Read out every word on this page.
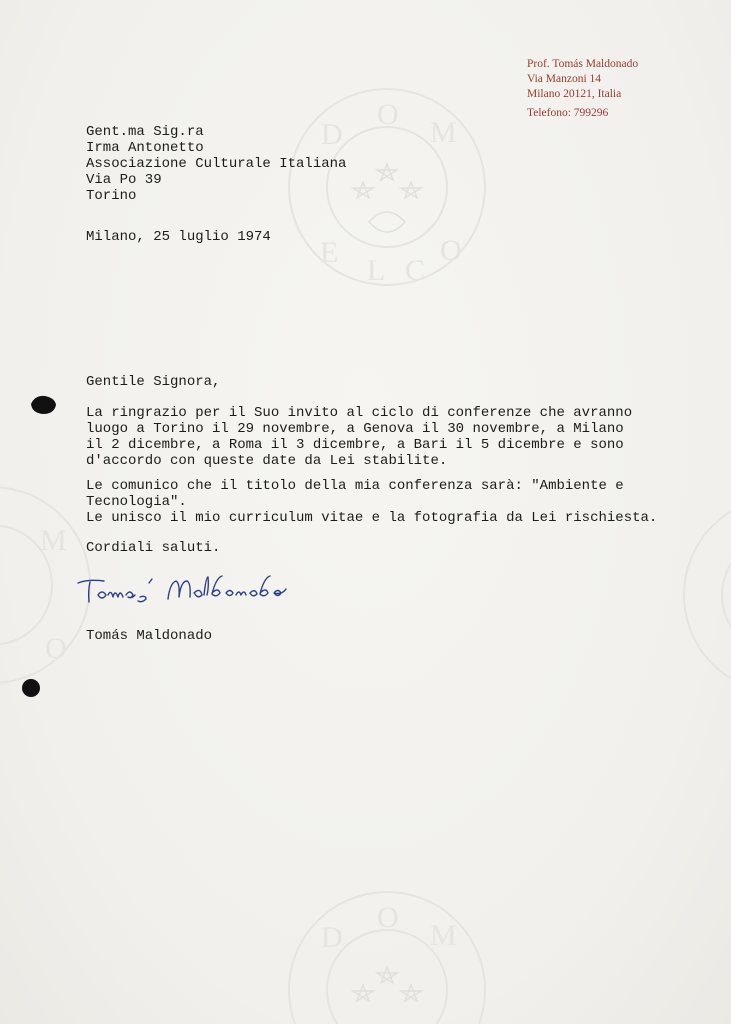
D
O
M
E
L C
O
M
O
D
O
M
Prof. Tomás Maldonado
Via Manzoni 14
Milano 20121, Italia
Telefono: 799296
Gent.ma Sig.ra
Irma Antonetto
Associazione Culturale Italiana
Via Po 39
Torino
Milano, 25 luglio 1974
Gentile Signora,
La ringrazio per il Suo invito al ciclo di conferenze che avranno
luogo a Torino il 29 novembre, a Genova il 30 novembre, a Milano
il 2 dicembre, a Roma il 3 dicembre, a Bari il 5 dicembre e sono
d'accordo con queste date da Lei stabilite.
Le comunico che il titolo della mia conferenza sarà: "Ambiente e
Tecnologia".
Le unisco il mio curriculum vitae e la fotografia da Lei rischiesta.
Cordiali saluti.
Tomás Maldonado
Tomás Maldonado
